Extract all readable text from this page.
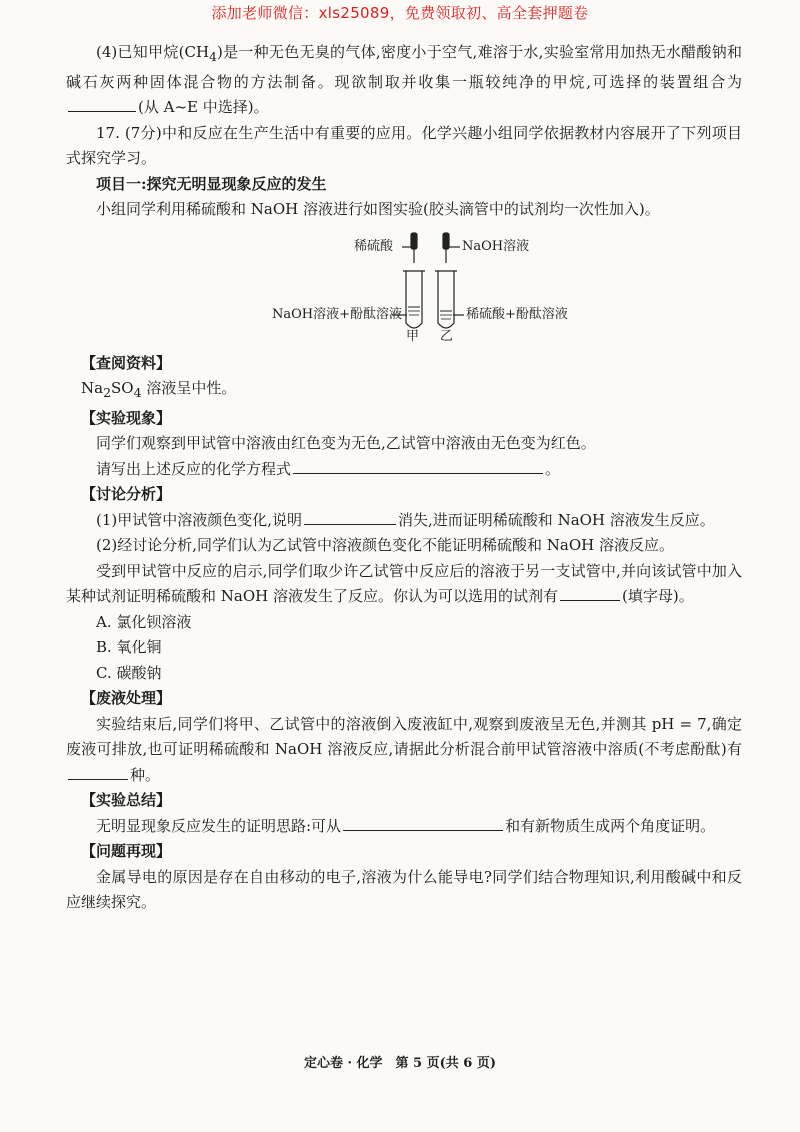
添加老师微信：xls25089，免费领取初、高全套押题卷

(4)已知甲烷$(CH_4)$是一种无色无臭的气体,密度小于空气,难溶于水,实验室常用加热无水醋酸钠和碱石灰两种固体混合物的方法制备。现欲制取并收集一瓶较纯净的甲烷,可选择的装置组合为(从 A~E 中选择)。

17. (7分)中和反应在生产生活中有重要的应用。化学兴趣小组同学依据教材内容展开了下列项目式探究学习。

项目一:探究无明显现象反应的发生

小组同学利用稀硫酸和 NaOH 溶液进行如图实验(胶头滴管中的试剂均一次性加入)。

稀硫酸	NaOH溶液
NaOH溶液+酚酞溶液	稀硫酸+酚酞溶液
甲 乙

【查阅资料】

$Na_2SO_4$ 溶液呈中性。

【实验现象】

同学们观察到甲试管中溶液由红色变为无色,乙试管中溶液由无色变为红色。

请写出上述反应的化学方程式	。

【讨论分析】

(1)甲试管中溶液颜色变化,说明	消失,进而证明稀硫酸和 NaOH 溶液发生反应。

(2)经讨论分析,同学们认为乙试管中溶液颜色变化不能证明稀硫酸和 NaOH 溶液反应。

受到甲试管中反应的启示,同学们取少许乙试管中反应后的溶液于另一支试管中,并向该试管中加入某种试剂证明稀硫酸和 NaOH 溶液发生了反应。你认为可以选用的试剂有	(填字母)。

A. 氯化钡溶液

B. 氧化铜

C. 碳酸钠

【废液处理】

实验结束后,同学们将甲、乙试管中的溶液倒入废液缸中,观察到废液呈无色,并测其 pH = 7,确定废液可排放,也可证明稀硫酸和 NaOH 溶液反应,请据此分析混合前甲试管溶液中溶质(不考虑酚酞)有种。

【实验总结】

无明显现象反应发生的证明思路:可从	和有新物质生成两个角度证明。

【问题再现】

金属导电的原因是存在自由移动的电子,溶液为什么能导电?同学们结合物理知识,利用酸碱中和反应继续探究。

定心卷 · 化学　第 5 页(共 6 页)
